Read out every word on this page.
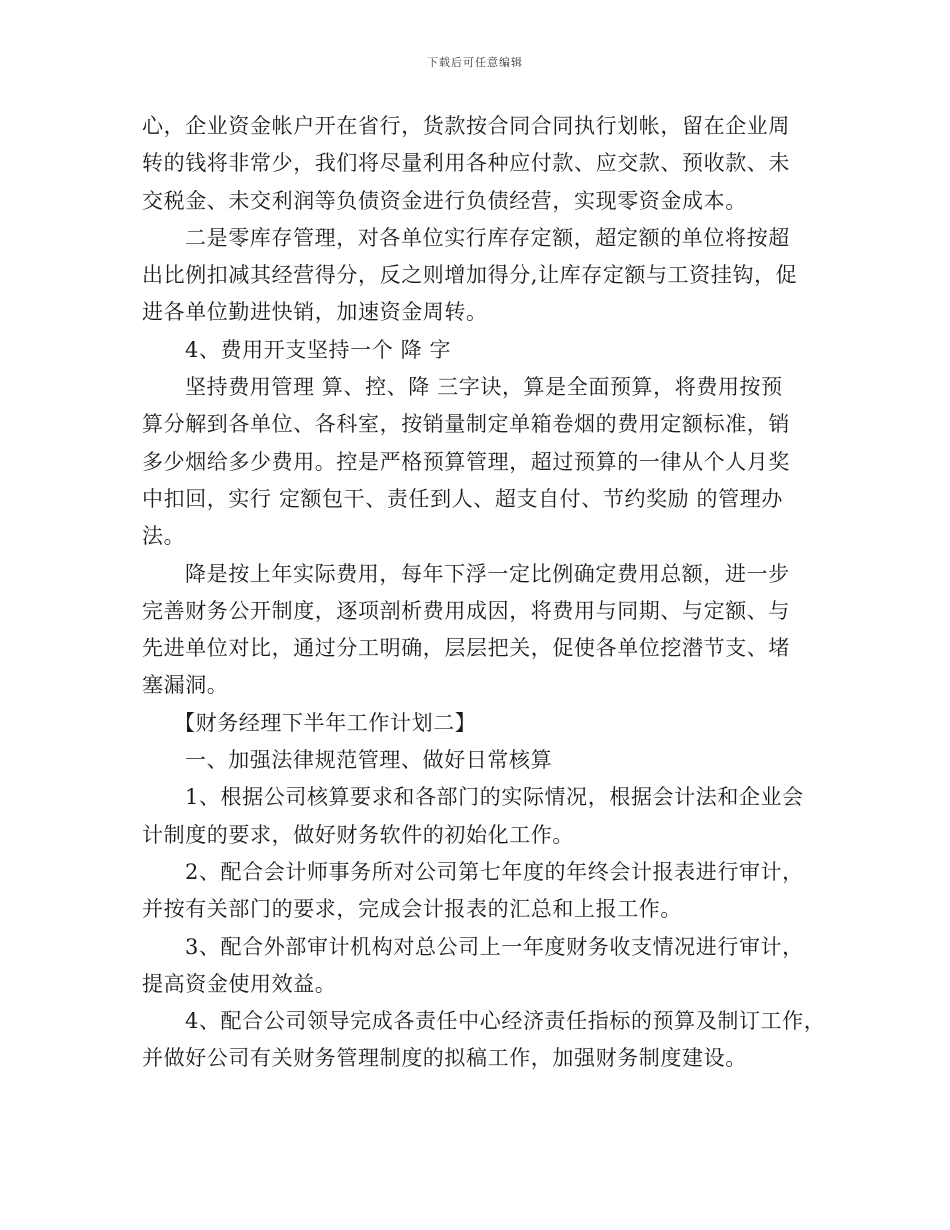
下载后可任意编辑
心，企业资金帐户开在省行，货款按合同合同执行划帐，留在企业周
转的钱将非常少，我们将尽量利用各种应付款、应交款、预收款、未
交税金、未交利润等负债资金进行负债经营，实现零资金成本。
二是零库存管理，对各单位实行库存定额，超定额的单位将按超
出比例扣减其经营得分，反之则增加得分,让库存定额与工资挂钩，促
进各单位勤进快销，加速资金周转。
4、费用开支坚持一个 降 字
坚持费用管理 算、控、降 三字诀，算是全面预算，将费用按预
算分解到各单位、各科室，按销量制定单箱卷烟的费用定额标准，销
多少烟给多少费用。控是严格预算管理，超过预算的一律从个人月奖
中扣回，实行 定额包干、责任到人、超支自付、节约奖励 的管理办
法。
降是按上年实际费用，每年下浮一定比例确定费用总额，进一步
完善财务公开制度，逐项剖析费用成因，将费用与同期、与定额、与
先进单位对比，通过分工明确，层层把关，促使各单位挖潜节支、堵
塞漏洞。
【财务经理下半年工作计划二】
一、加强法律规范管理、做好日常核算
1、根据公司核算要求和各部门的实际情况，根据会计法和企业会
计制度的要求，做好财务软件的初始化工作。
2、配合会计师事务所对公司第七年度的年终会计报表进行审计，
并按有关部门的要求，完成会计报表的汇总和上报工作。
3、配合外部审计机构对总公司上一年度财务收支情况进行审计，
提高资金使用效益。
4、配合公司领导完成各责任中心经济责任指标的预算及制订工作，
并做好公司有关财务管理制度的拟稿工作，加强财务制度建设。
